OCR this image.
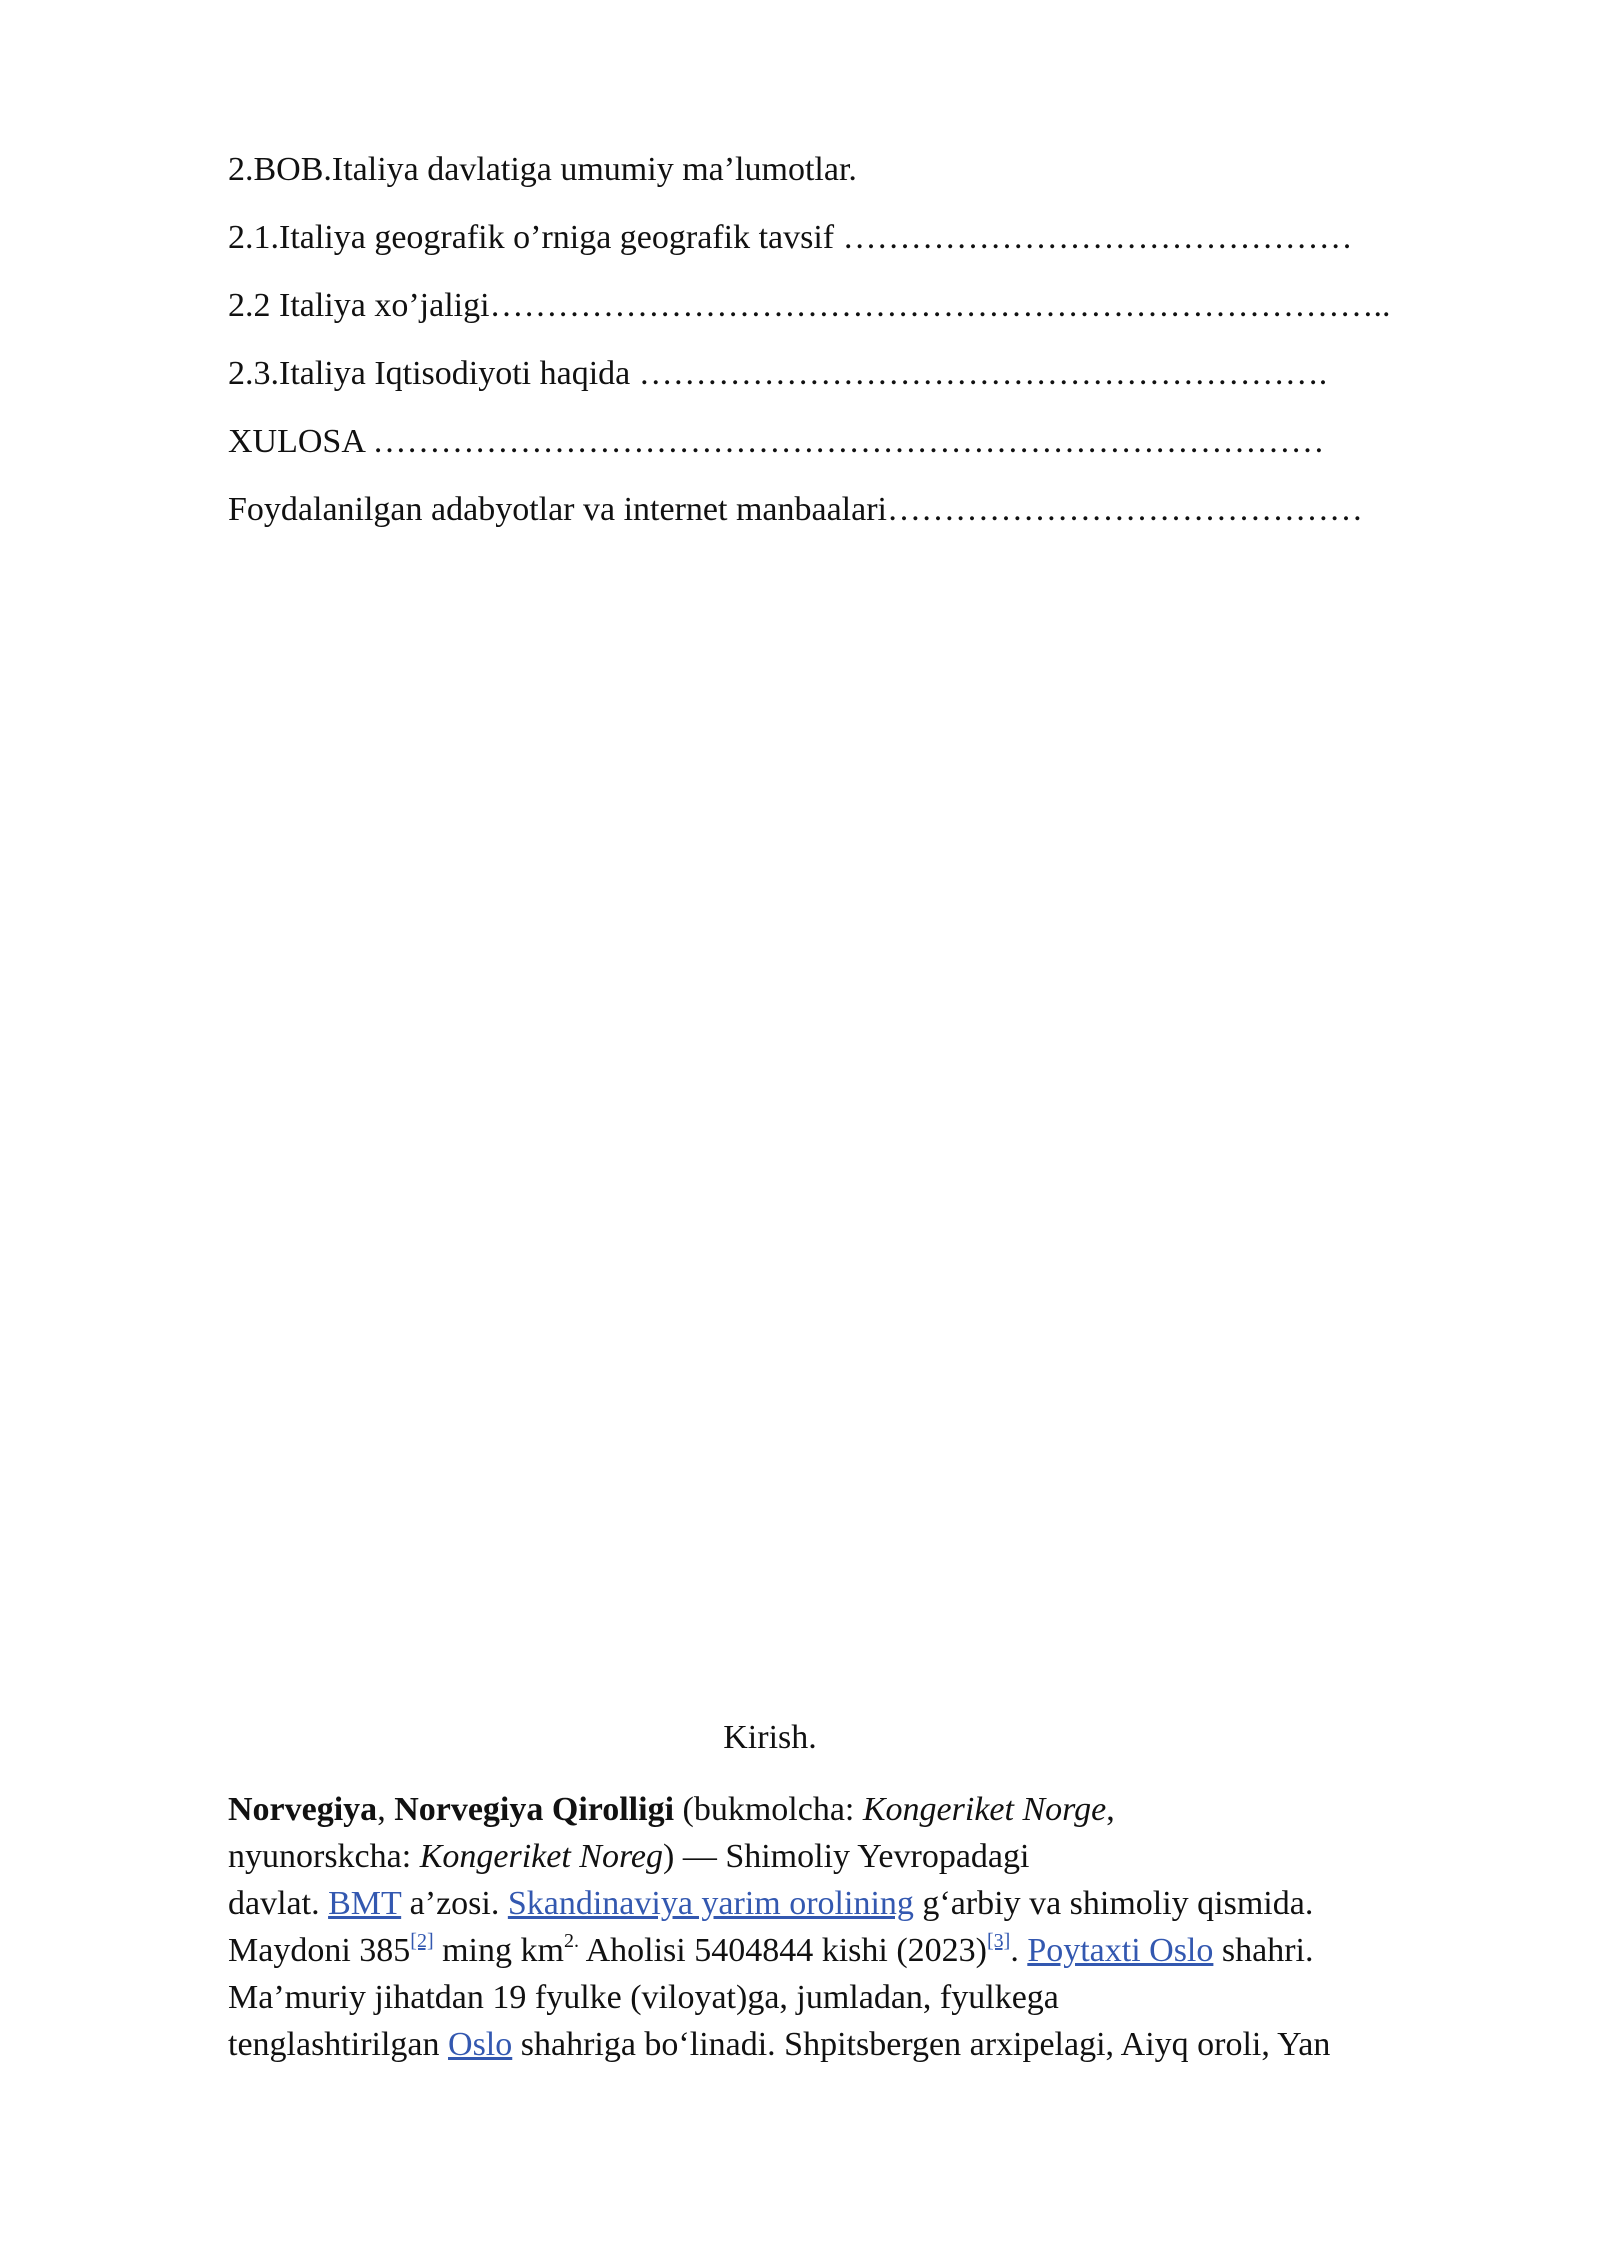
2.BOB.Italiya davlatiga umumiy ma’lumotlar.
2.1.Italiya geografik o’rniga geografik tavsif ………………………………………
2.2 Italiya xo’jaligi……………………………………………………………………..
2.3.Italiya Iqtisodiyoti haqida …………………………………………………….
XULOSA …………………………………………………………………………
Foydalanilgan adabyotlar va internet manbaalari……………………………………
Kirish.
Norvegiya, Norvegiya Qirolligi (bukmolcha: Kongeriket Norge,
nyunorskcha: Kongeriket Noreg) — Shimoliy Yevropadagi
davlat. BMT a’zosi. Skandinaviya yarim orolining g‘arbiy va shimoliy qismida.
Maydoni 385[2] ming $km^{2.}$ Aholisi 5404844 kishi (2023)[3]. Poytaxti Oslo shahri.
Ma’muriy jihatdan 19 fyulke (viloyat)ga, jumladan, fyulkega
tenglashtirilgan Oslo shahriga bo‘linadi. Shpitsbergen arxipelagi, Aiyq oroli, Yan
